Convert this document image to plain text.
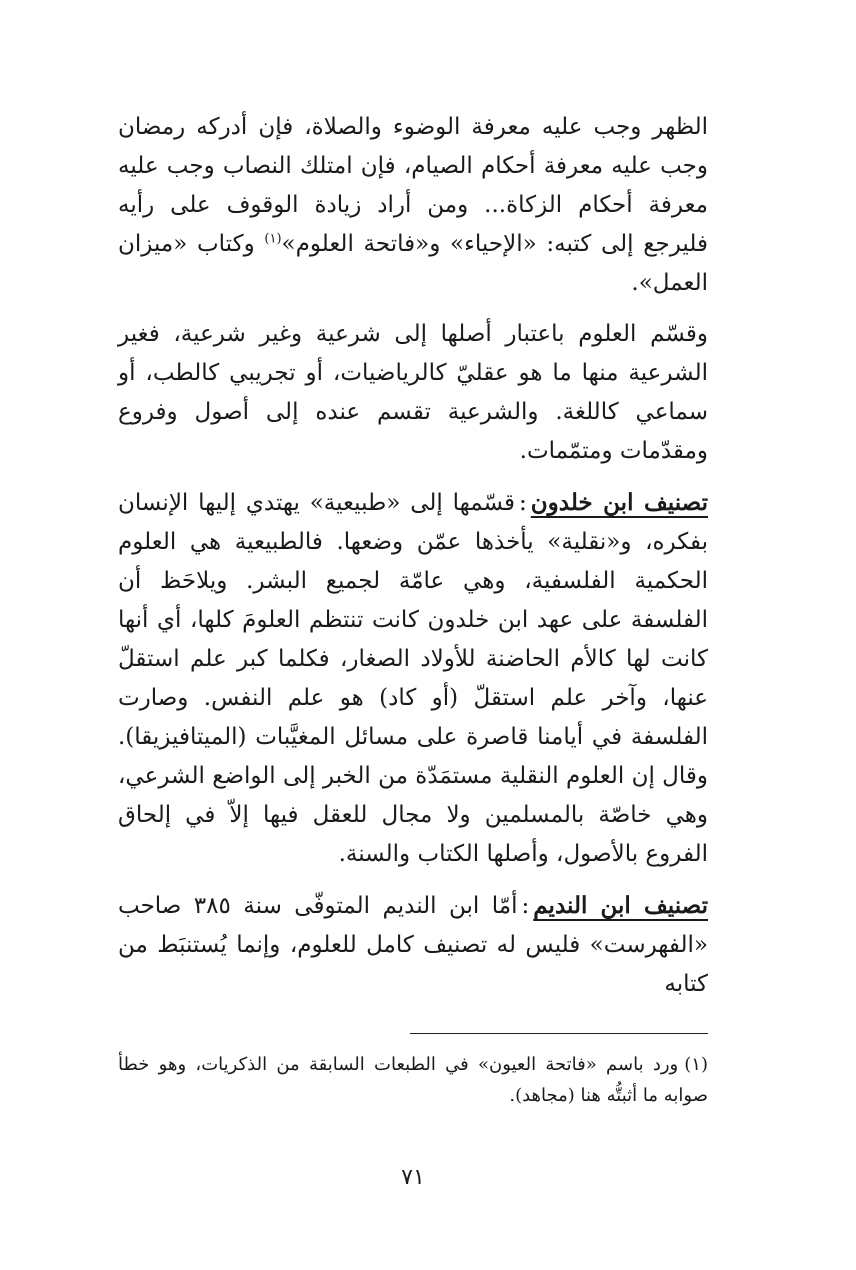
الظهر وجب عليه معرفة الوضوء والصلاة، فإن أدركه رمضان وجب عليه معرفة أحكام الصيام، فإن امتلك النصاب وجب عليه معرفة أحكام الزكاة... ومن أراد زيادة الوقوف على رأيه فليرجع إلى كتبه: «الإحياء» و«فاتحة العلوم»$^{(١)}$ وكتاب «ميزان العمل».

وقسّم العلوم باعتبار أصلها إلى شرعية وغير شرعية، فغير الشرعية منها ما هو عقليّ كالرياضيات، أو تجريبي كالطب، أو سماعي كاللغة. والشرعية تقسم عنده إلى أصول وفروع ومقدّمات ومتمّمات.

تصنيف ابن خلدون:قسّمها إلى «طبيعية» يهتدي إليها الإنسان بفكره، و«نقلية» يأخذها عمّن وضعها. فالطبيعية هي العلوم الحكمية الفلسفية، وهي عامّة لجميع البشر. ويلاحَظ أن الفلسفة على عهد ابن خلدون كانت تنتظم العلومَ كلها، أي أنها كانت لها كالأم الحاضنة للأولاد الصغار، فكلما كبر علم استقلّ عنها، وآخر علم استقلّ (أو كاد) هو علم النفس. وصارت الفلسفة في أيامنا قاصرة على مسائل المغيَّبات (الميتافيزيقا). وقال إن العلوم النقلية مستمَدّة من الخبر إلى الواضع الشرعي، وهي خاصّة بالمسلمين ولا مجال للعقل فيها إلاّ في إلحاق الفروع بالأصول، وأصلها الكتاب والسنة.

تصنيف ابن النديم:أمّا ابن النديم المتوفّى سنة ٣٨٥ صاحب «الفهرست» فليس له تصنيف كامل للعلوم، وإنما يُستنبَط من كتابه

(١)ورد باسم «فاتحة العيون» في الطبعات السابقة من الذكريات، وهو خطأ صوابه ما أثبتُّه هنا (مجاهد).

٧١
